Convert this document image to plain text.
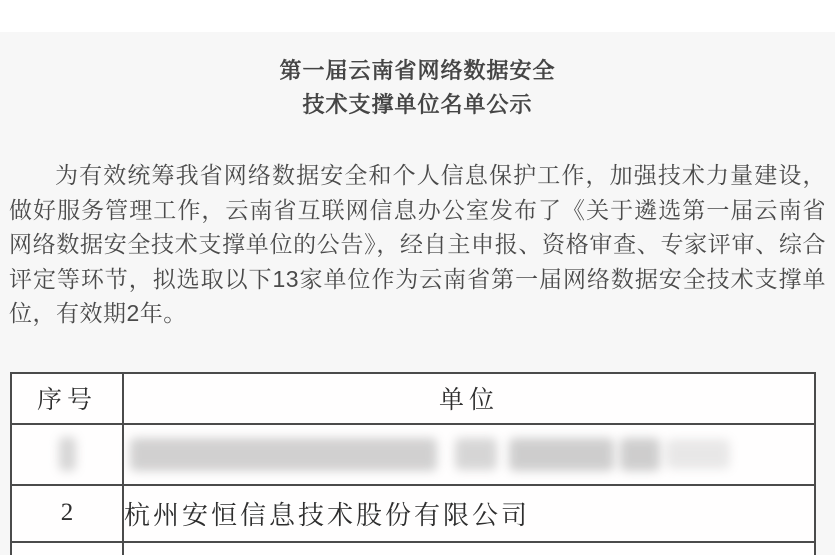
第一届云南省网络数据安全
技术支撑单位名单公示

为有效统筹我省网络数据安全和个人信息保护工作，加强技术力量建设，做好服务管理工作，云南省互联网信息办公室发布了《关于遴选第一届云南省网络数据安全技术支撑单位的公告》，经自主申报、资格审查、专家评审、综合评定等环节，拟选取以下13家单位作为云南省第一届网络数据安全技术支撑单位，有效期2年。

序号	单位

2	杭州安恒信息技术股份有限公司
